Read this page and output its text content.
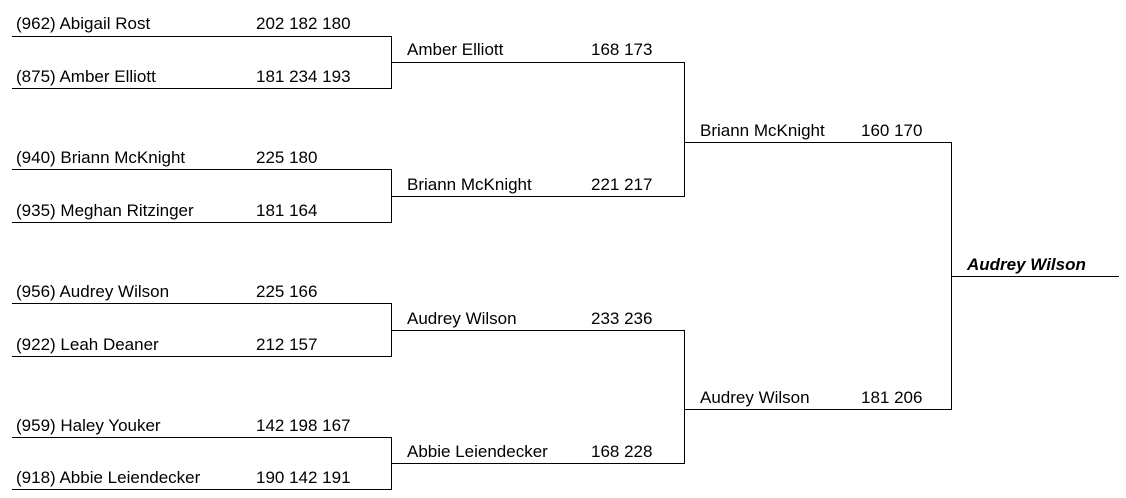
(962) Abigail Rost	202 182 180
(875) Amber Elliott	181 234 193
(940) Briann McKnight	225 180
(935) Meghan Ritzinger	181 164
(956) Audrey Wilson	225 166
(922) Leah Deaner	212 157
(959) Haley Youker	142 198 167
(918) Abbie Leiendecker	190 142 191
Amber Elliott	168 173
Briann McKnight	221 217
Audrey Wilson	233 236
Abbie Leiendecker	168 228
Briann McKnight 160 170
Audrey Wilson	181 206
Audrey Wilson
